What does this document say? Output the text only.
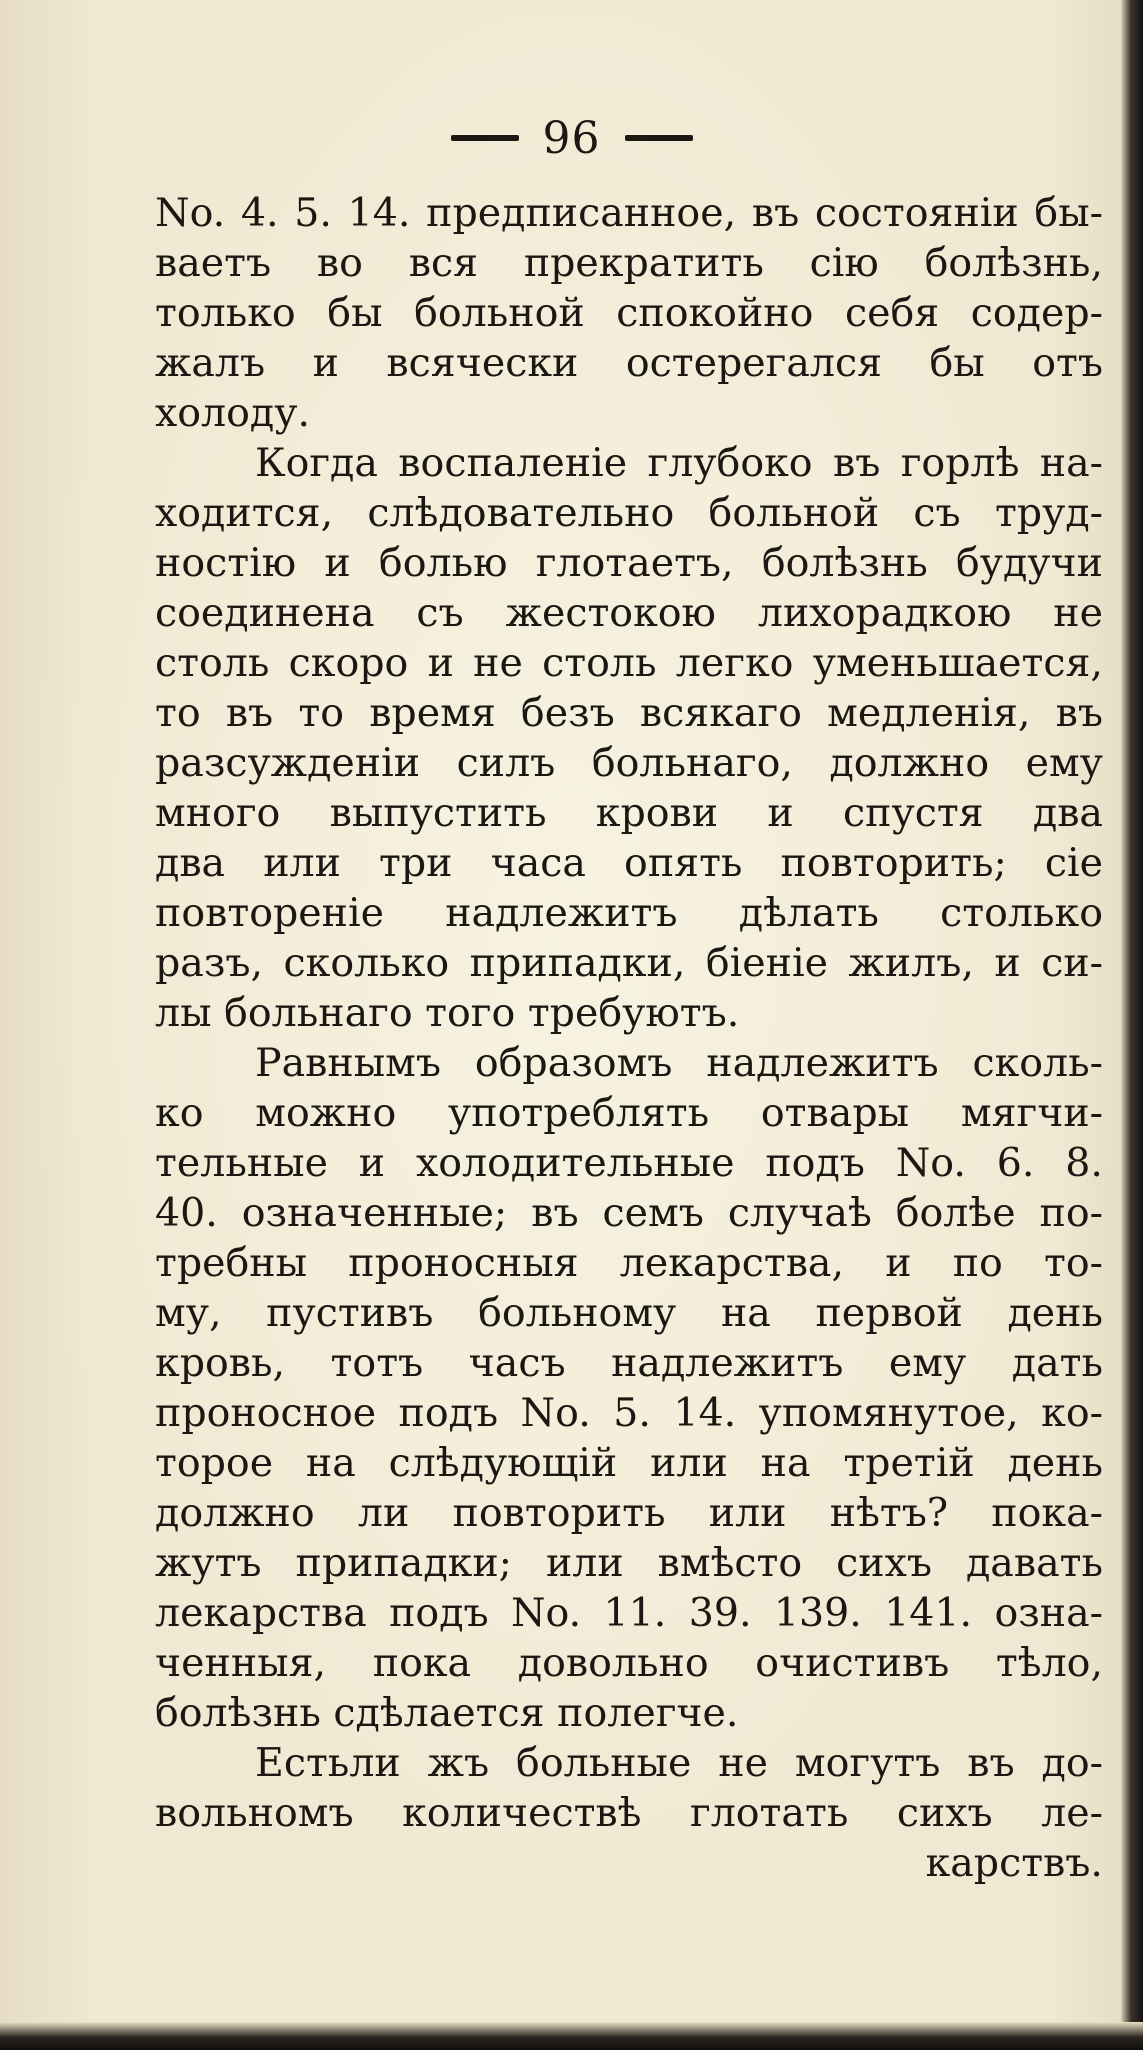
96
No. 4. 5. 14. предписанное, въ состоянiи бы-
ваетъ во вся прекратить сiю болѣзнь,
только бы больной спокойно себя содер-
жалъ и всячески остерегался бы отъ
холоду.
Когда воспаленiе глубоко въ горлѣ на-
ходится, слѣдовательно больной съ труд-
ностiю и болью глотаетъ, болѣзнь будучи
соединена съ жестокою лихорадкою не
столь скоро и не столь легко уменьшается,
то въ то время безъ всякаго медленiя, въ
разсужденiи силъ больнаго, должно ему
много выпустить крови и спустя два
два или три часа опять повторить; сiе
повторенiе надлежитъ дѣлать столько
разъ, сколько припадки, бiенiе жилъ, и си-
лы больнаго того требуютъ.
Равнымъ образомъ надлежитъ сколь-
ко можно употреблять отвары мягчи-
тельные и холодительные подъ No. 6. 8.
40. означенные; въ семъ случаѣ болѣе по-
требны проносныя лекарства, и по то-
му, пустивъ больному на первой день
кровь, тотъ часъ надлежитъ ему дать
проносное подъ No. 5. 14. упомянутое, ко-
торое на слѣдующiй или на третiй день
должно ли повторить или нѣтъ? пока-
жутъ припадки; или вмѣсто сихъ давать
лекарства подъ No. 11. 39. 139. 141. озна-
ченныя, пока довольно очистивъ тѣло,
болѣзнь сдѣлается полегче.
Естьли жъ больные не могутъ въ до-
вольномъ количествѣ глотать сихъ ле-
карствъ.
